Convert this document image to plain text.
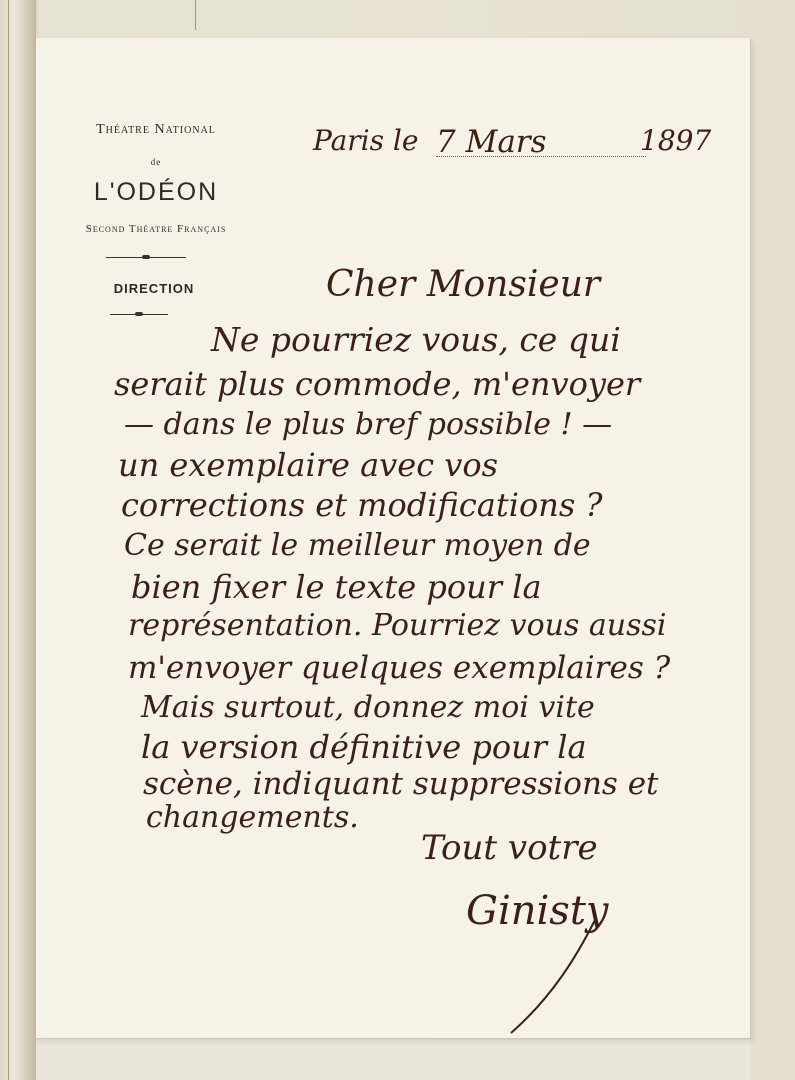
Théatre National
de
L'ODÉON
Second Théatre Français
DIRECTION
Paris le 7 Mars	1897
Cher Monsieur
Ne pourriez vous, ce qui
serait plus commode, m'envoyer
— dans le plus bref possible ! —
un exemplaire avec vos
corrections et modifications ?
Ce serait le meilleur moyen de
bien fixer le texte pour la
représentation. Pourriez vous aussi
m'envoyer quelques exemplaires ?
Mais surtout, donnez moi vite
la version définitive pour la
scène, indiquant suppressions et
changements.
Tout votre
Ginisty
